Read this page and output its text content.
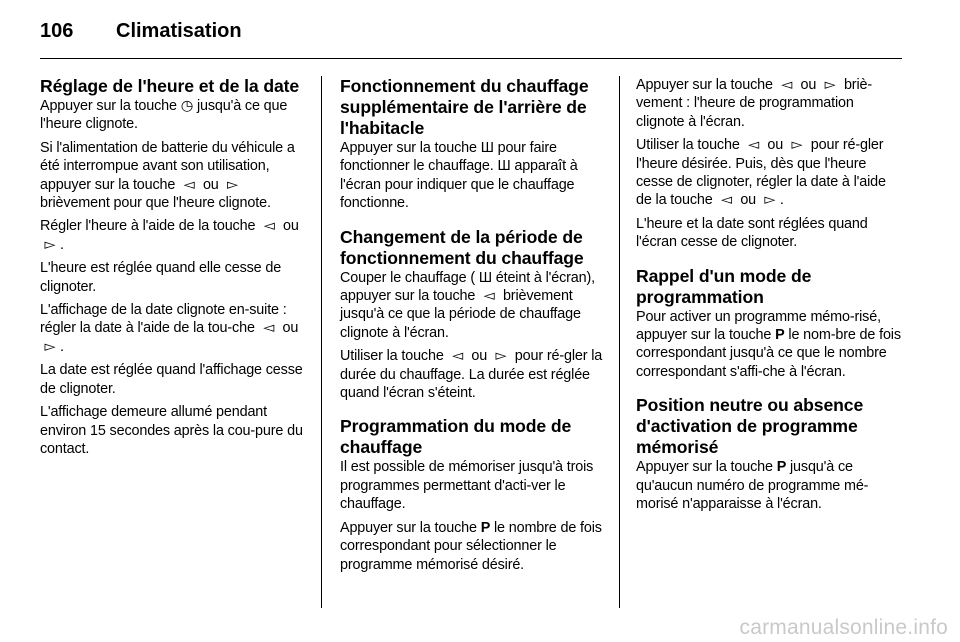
106 Climatisation
Réglage de l'heure et de la date

Appuyer sur la touche ◷ jusqu'à ce que l'heure clignote.

Si l'alimentation de batterie du véhicule a été interrompue avant son utilisation, appuyer sur la touche ◅ ou ▻ brièvement pour que l'heure clignote.

Régler l'heure à l'aide de la touche ◅ ou ▻ .

L'heure est réglée quand elle cesse de clignoter.

L'affichage de la date clignote en-suite : régler la date à l'aide de la tou-che ◅ ou ▻ .

La date est réglée quand l'affichage cesse de clignoter.

L'affichage demeure allumé pendant environ 15 secondes après la cou-pure du contact.

Fonctionnement du chauffage supplémentaire de l'arrière de l'habitacle

Appuyer sur la touche Ш pour faire fonctionner le chauffage. Ш apparaît à l'écran pour indiquer que le chauffage fonctionne.

Changement de la période de fonctionnement du chauffage

Couper le chauffage ( Ш éteint à l'écran), appuyer sur la touche ◅ brièvement jusqu'à ce que la période de chauffage clignote à l'écran.

Utiliser la touche ◅ ou ▻ pour ré-gler la durée du chauffage. La durée est réglée quand l'écran s'éteint.

Programmation du mode de chauffage

Il est possible de mémoriser jusqu'à trois programmes permettant d'acti-ver le chauffage.

Appuyer sur la touche P le nombre de fois correspondant pour sélectionner le programme mémorisé désiré.

Appuyer sur la touche ◅ ou ▻ briè-vement : l'heure de programmation clignote à l'écran.

Utiliser la touche ◅ ou ▻ pour ré-gler l'heure désirée. Puis, dès que l'heure cesse de clignoter, régler la date à l'aide de la touche ◅ ou ▻ .

L'heure et la date sont réglées quand l'écran cesse de clignoter.

Rappel d'un mode de programmation

Pour activer un programme mémo-risé, appuyer sur la touche P le nom-bre de fois correspondant jusqu'à ce que le nombre correspondant s'affi-che à l'écran.

Position neutre ou absence d'activation de programme mémorisé

Appuyer sur la touche P jusqu'à ce qu'aucun numéro de programme mé-morisé n'apparaisse à l'écran.

carmanualsonline.info
